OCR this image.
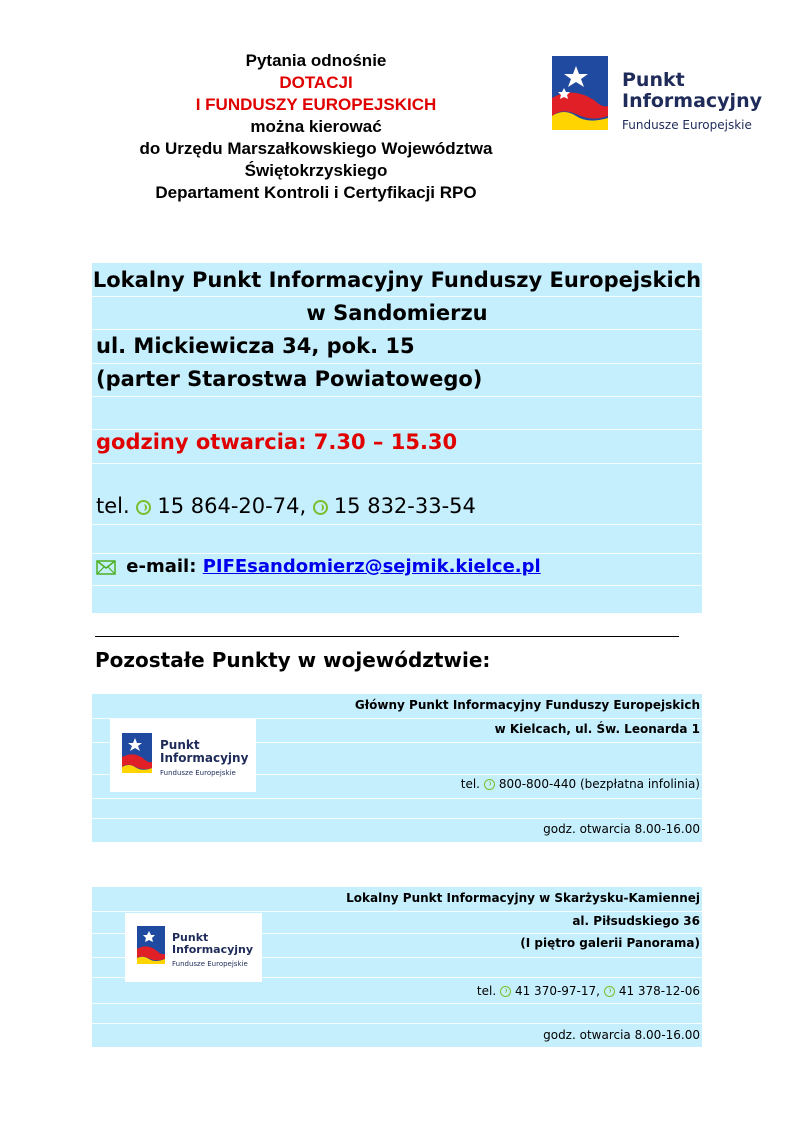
Pytania odnośnie
DOTACJI
I FUNDUSZY EUROPEJSKICH
można kierować
do Urzędu Marszałkowskiego Województwa
Świętokrzyskiego
Departament Kontroli i Certyfikacji RPO
Punkt
Informacyjny
Fundusze Europejskie
Lokalny Punkt Informacyjny Funduszy Europejskich
w Sandomierzu
ul. Mickiewicza 34, pok. 15
(parter Starostwa Powiatowego)
godziny otwarcia: 7.30 – 15.30
tel. 15 864-20-74, 15 832-33-54
e-mail: PIFEsandomierz@sejmik.kielce.pl
Pozostałe Punkty w województwie:
Punkt
Informacyjny
Fundusze Europejskie
Główny Punkt Informacyjny Funduszy Europejskich
w Kielcach, ul. Św. Leonarda 1
tel. 800-800-440 (bezpłatna infolinia)
godz. otwarcia 8.00-16.00
Punkt
Informacyjny
Fundusze Europejskie
Lokalny Punkt Informacyjny w Skarżysku-Kamiennej
al. Piłsudskiego 36
(I piętro galerii Panorama)
tel. 41 370-97-17, 41 378-12-06
godz. otwarcia 8.00-16.00
